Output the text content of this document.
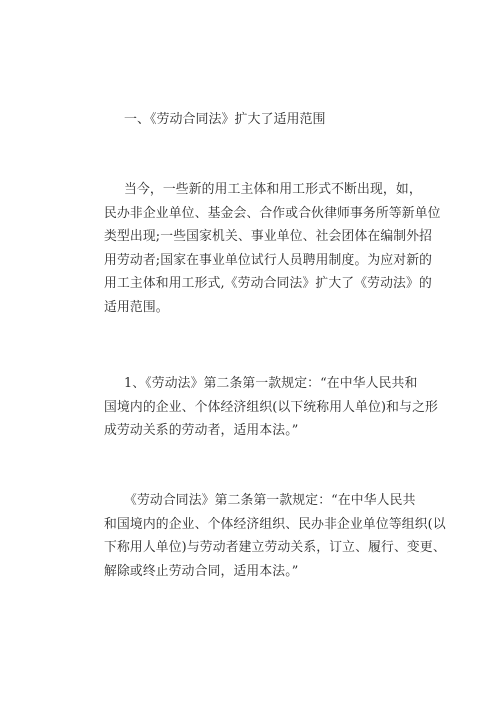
一、《劳动合同法》扩大了适用范围
当今，一些新的用工主体和用工形式不断出现，如，
民办非企业单位、基金会、合作或合伙律师事务所等新单位
类型出现;一些国家机关、事业单位、社会团体在编制外招
用劳动者;国家在事业单位试行人员聘用制度。为应对新的
用工主体和用工形式,《劳动合同法》扩大了《劳动法》的
适用范围。
1、《劳动法》第二条第一款规定：“在中华人民共和
国境内的企业、个体经济组织(以下统称用人单位)和与之形
成劳动关系的劳动者，适用本法。”
《劳动合同法》第二条第一款规定：“在中华人民共
和国境内的企业、个体经济组织、民办非企业单位等组织(以
下称用人单位)与劳动者建立劳动关系，订立、履行、变更、
解除或终止劳动合同，适用本法。”
